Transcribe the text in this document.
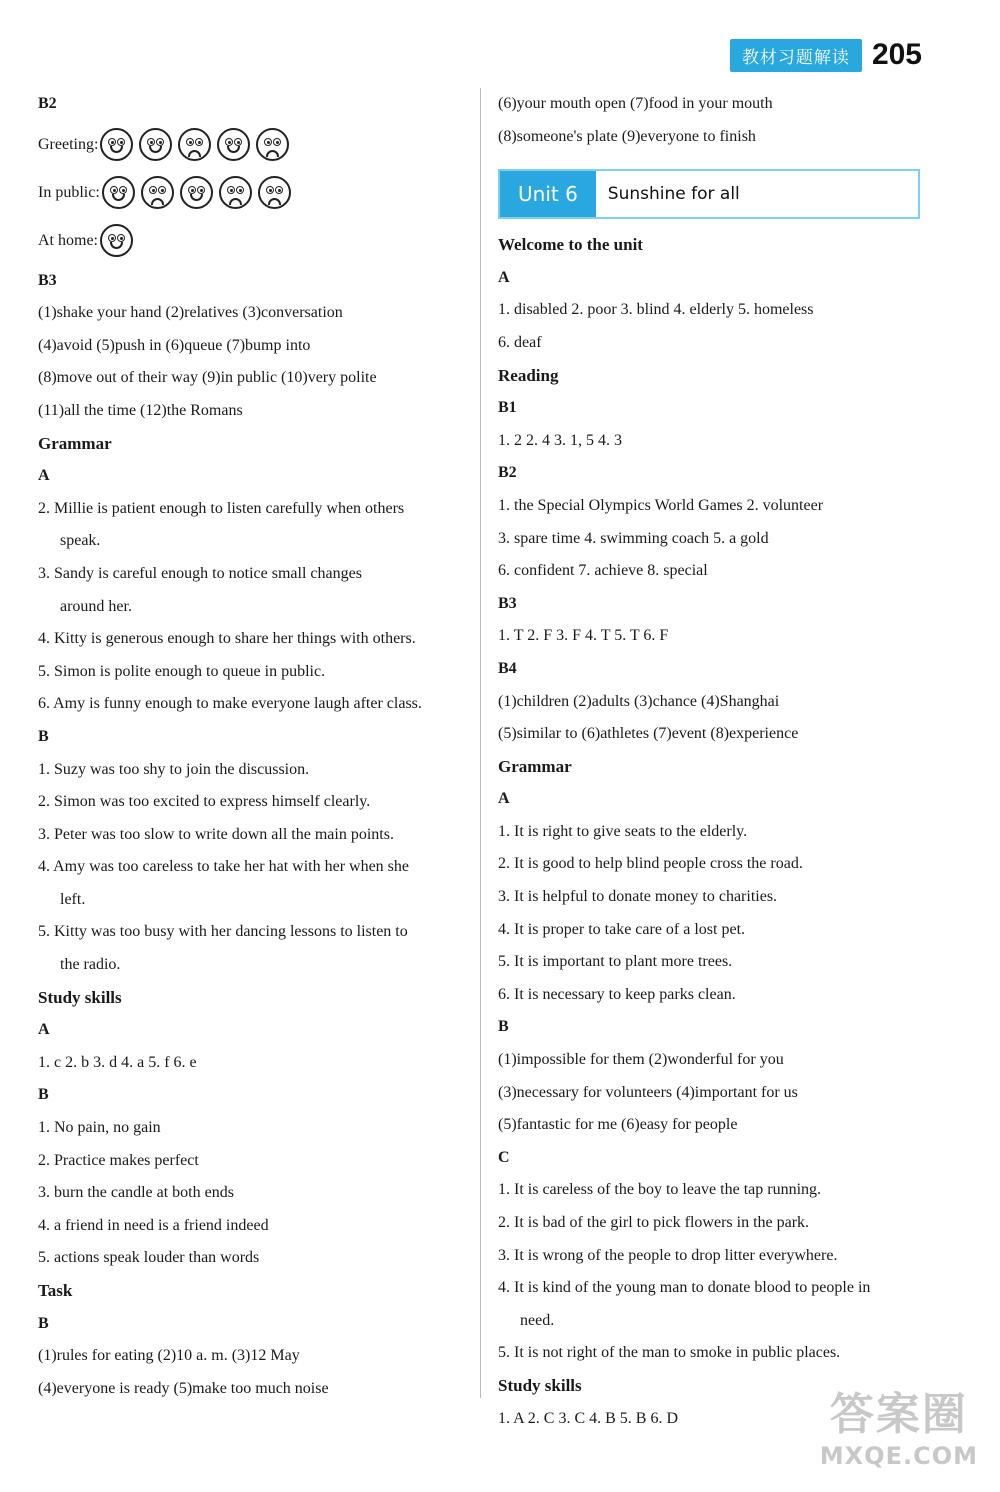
教材习题解读 205
B2
Greeting:
In public:
At home:
B3
(1)shake your hand (2)relatives (3)conversation
(4)avoid (5)push in (6)queue (7)bump into
(8)move out of their way (9)in public (10)very polite
(11)all the time (12)the Romans
Grammar
A
2. Millie is patient enough to listen carefully when others
speak.
3. Sandy is careful enough to notice small changes
around her.
4. Kitty is generous enough to share her things with others.
5. Simon is polite enough to queue in public.
6. Amy is funny enough to make everyone laugh after class.
B
1. Suzy was too shy to join the discussion.
2. Simon was too excited to express himself clearly.
3. Peter was too slow to write down all the main points.
4. Amy was too careless to take her hat with her when she
left.
5. Kitty was too busy with her dancing lessons to listen to
the radio.
Study skills
A
1. c 2. b 3. d 4. a 5. f 6. e
B
1. No pain, no gain
2. Practice makes perfect
3. burn the candle at both ends
4. a friend in need is a friend indeed
5. actions speak louder than words
Task
B
(1)rules for eating (2)10 a. m. (3)12 May
(4)everyone is ready (5)make too much noise
(6)your mouth open (7)food in your mouth
(8)someone's plate (9)everyone to finish
Unit 6	Sunshine for all
Welcome to the unit
A
1. disabled 2. poor 3. blind 4. elderly 5. homeless
6. deaf
Reading
B1
1. 2 2. 4 3. 1, 5 4. 3
B2
1. the Special Olympics World Games 2. volunteer
3. spare time 4. swimming coach 5. a gold
6. confident 7. achieve 8. special
B3
1. T 2. F 3. F 4. T 5. T 6. F
B4
(1)children (2)adults (3)chance (4)Shanghai
(5)similar to (6)athletes (7)event (8)experience
Grammar
A
1. It is right to give seats to the elderly.
2. It is good to help blind people cross the road.
3. It is helpful to donate money to charities.
4. It is proper to take care of a lost pet.
5. It is important to plant more trees.
6. It is necessary to keep parks clean.
B
(1)impossible for them (2)wonderful for you
(3)necessary for volunteers (4)important for us
(5)fantastic for me (6)easy for people
C
1. It is careless of the boy to leave the tap running.
2. It is bad of the girl to pick flowers in the park.
3. It is wrong of the people to drop litter everywhere.
4. It is kind of the young man to donate blood to people in
need.
5. It is not right of the man to smoke in public places.
Study skills
1. A 2. C 3. C 4. B 5. B 6. D	答案圈
MXQE.COM
